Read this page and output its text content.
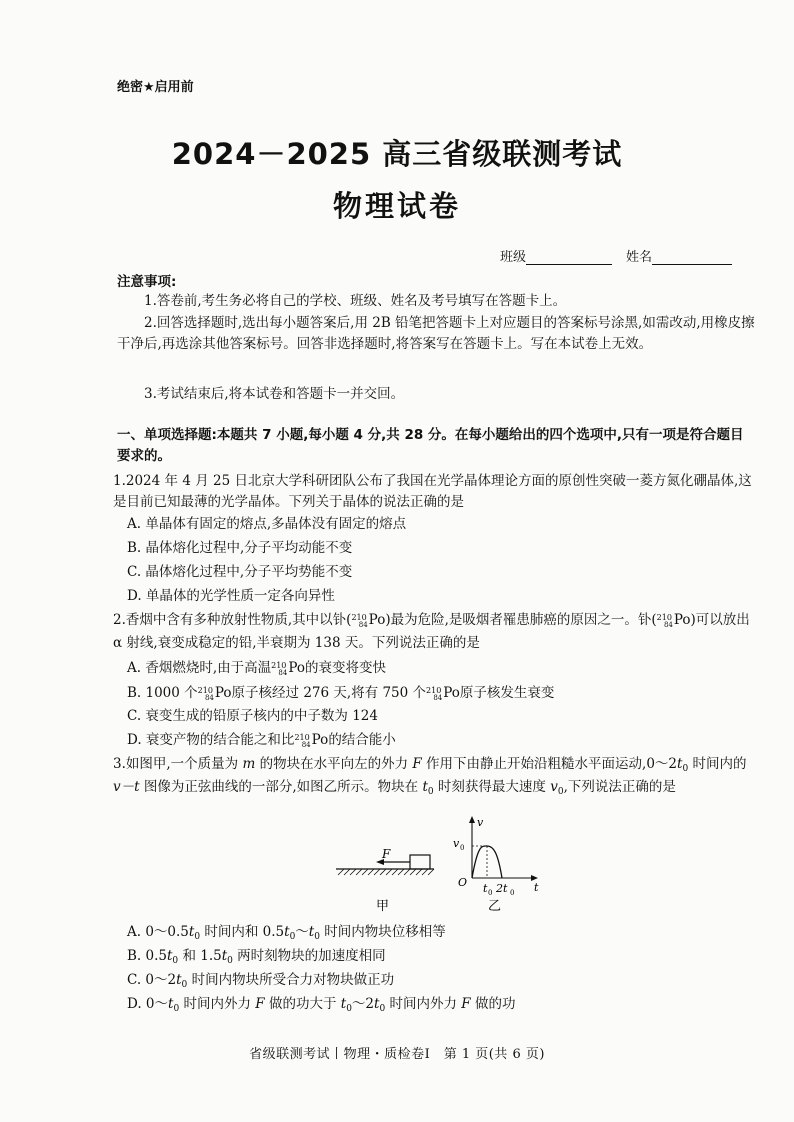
绝密★启用前
2024－2025 高三省级联测考试
物理试卷
班级	姓名
注意事项:
1.答卷前,考生务必将自己的学校、班级、姓名及考号填写在答题卡上。
2.回答选择题时,选出每小题答案后,用 2B 铅笔把答题卡上对应题目的答案标号涂黑,如需改动,用橡皮擦干净后,再选涂其他答案标号。回答非选择题时,将答案写在答题卡上。写在本试卷上无效。
3.考试结束后,将本试卷和答题卡一并交回。
一、单项选择题:本题共 7 小题,每小题 4 分,共 28 分。在每小题给出的四个选项中,只有一项是符合题目要求的。
1.2024 年 4 月 25 日北京大学科研团队公布了我国在光学晶体理论方面的原创性突破一菱方氮化硼晶体,这是目前已知最薄的光学晶体。下列关于晶体的说法正确的是
A. 单晶体有固定的熔点,多晶体没有固定的熔点
B. 晶体熔化过程中,分子平均动能不变
C. 晶体熔化过程中,分子平均势能不变
D. 单晶体的光学性质一定各向异性
2.香烟中含有多种放射性物质,其中以钋($^{210}_{84}$Po)最为危险,是吸烟者罹患肺癌的原因之一。钋($^{210}_{84}$Po)可以放出 α 射线,衰变成稳定的铅,半衰期为 138 天。下列说法正确的是
A. 香烟燃烧时,由于高温$^{210}_{84}$Po的衰变将变快
B. 1000 个$^{210}_{84}$Po原子核经过 276 天,将有 750 个$^{210}_{84}$Po原子核发生衰变
C. 衰变生成的铅原子核内的中子数为 124
D. 衰变产物的结合能之和比$^{210}_{84}$Po的结合能小
3.如图甲,一个质量为 m 的物块在水平向左的外力 F 作用下由静止开始沿粗糙水平面运动$,0\sim 2t_0$ 时间内的 v－t 图像为正弦曲线的一部分,如图乙所示。物块在 $t_0$ 时刻获得最大速度 $v_0$,下列说法正确的是
F
甲
v
t
O
v 0
t 0 2t 0
乙
A. $0\sim 0.5t_0$ 时间内和 $0.5t_0\sim t_0$ 时间内物块位移相等
B. $0.5t_0$ 和 $1.5t_0$ 两时刻物块的加速度相同
C. $0\sim 2t_0$ 时间内物块所受合力对物块做正功
D. $0\sim t_0$ 时间内外力 F 做的功大于 $t_0\sim 2t_0$ 时间内外力 F 做的功
省级联测考试丨物理・质检卷Ⅰ　第 1 页(共 6 页)
